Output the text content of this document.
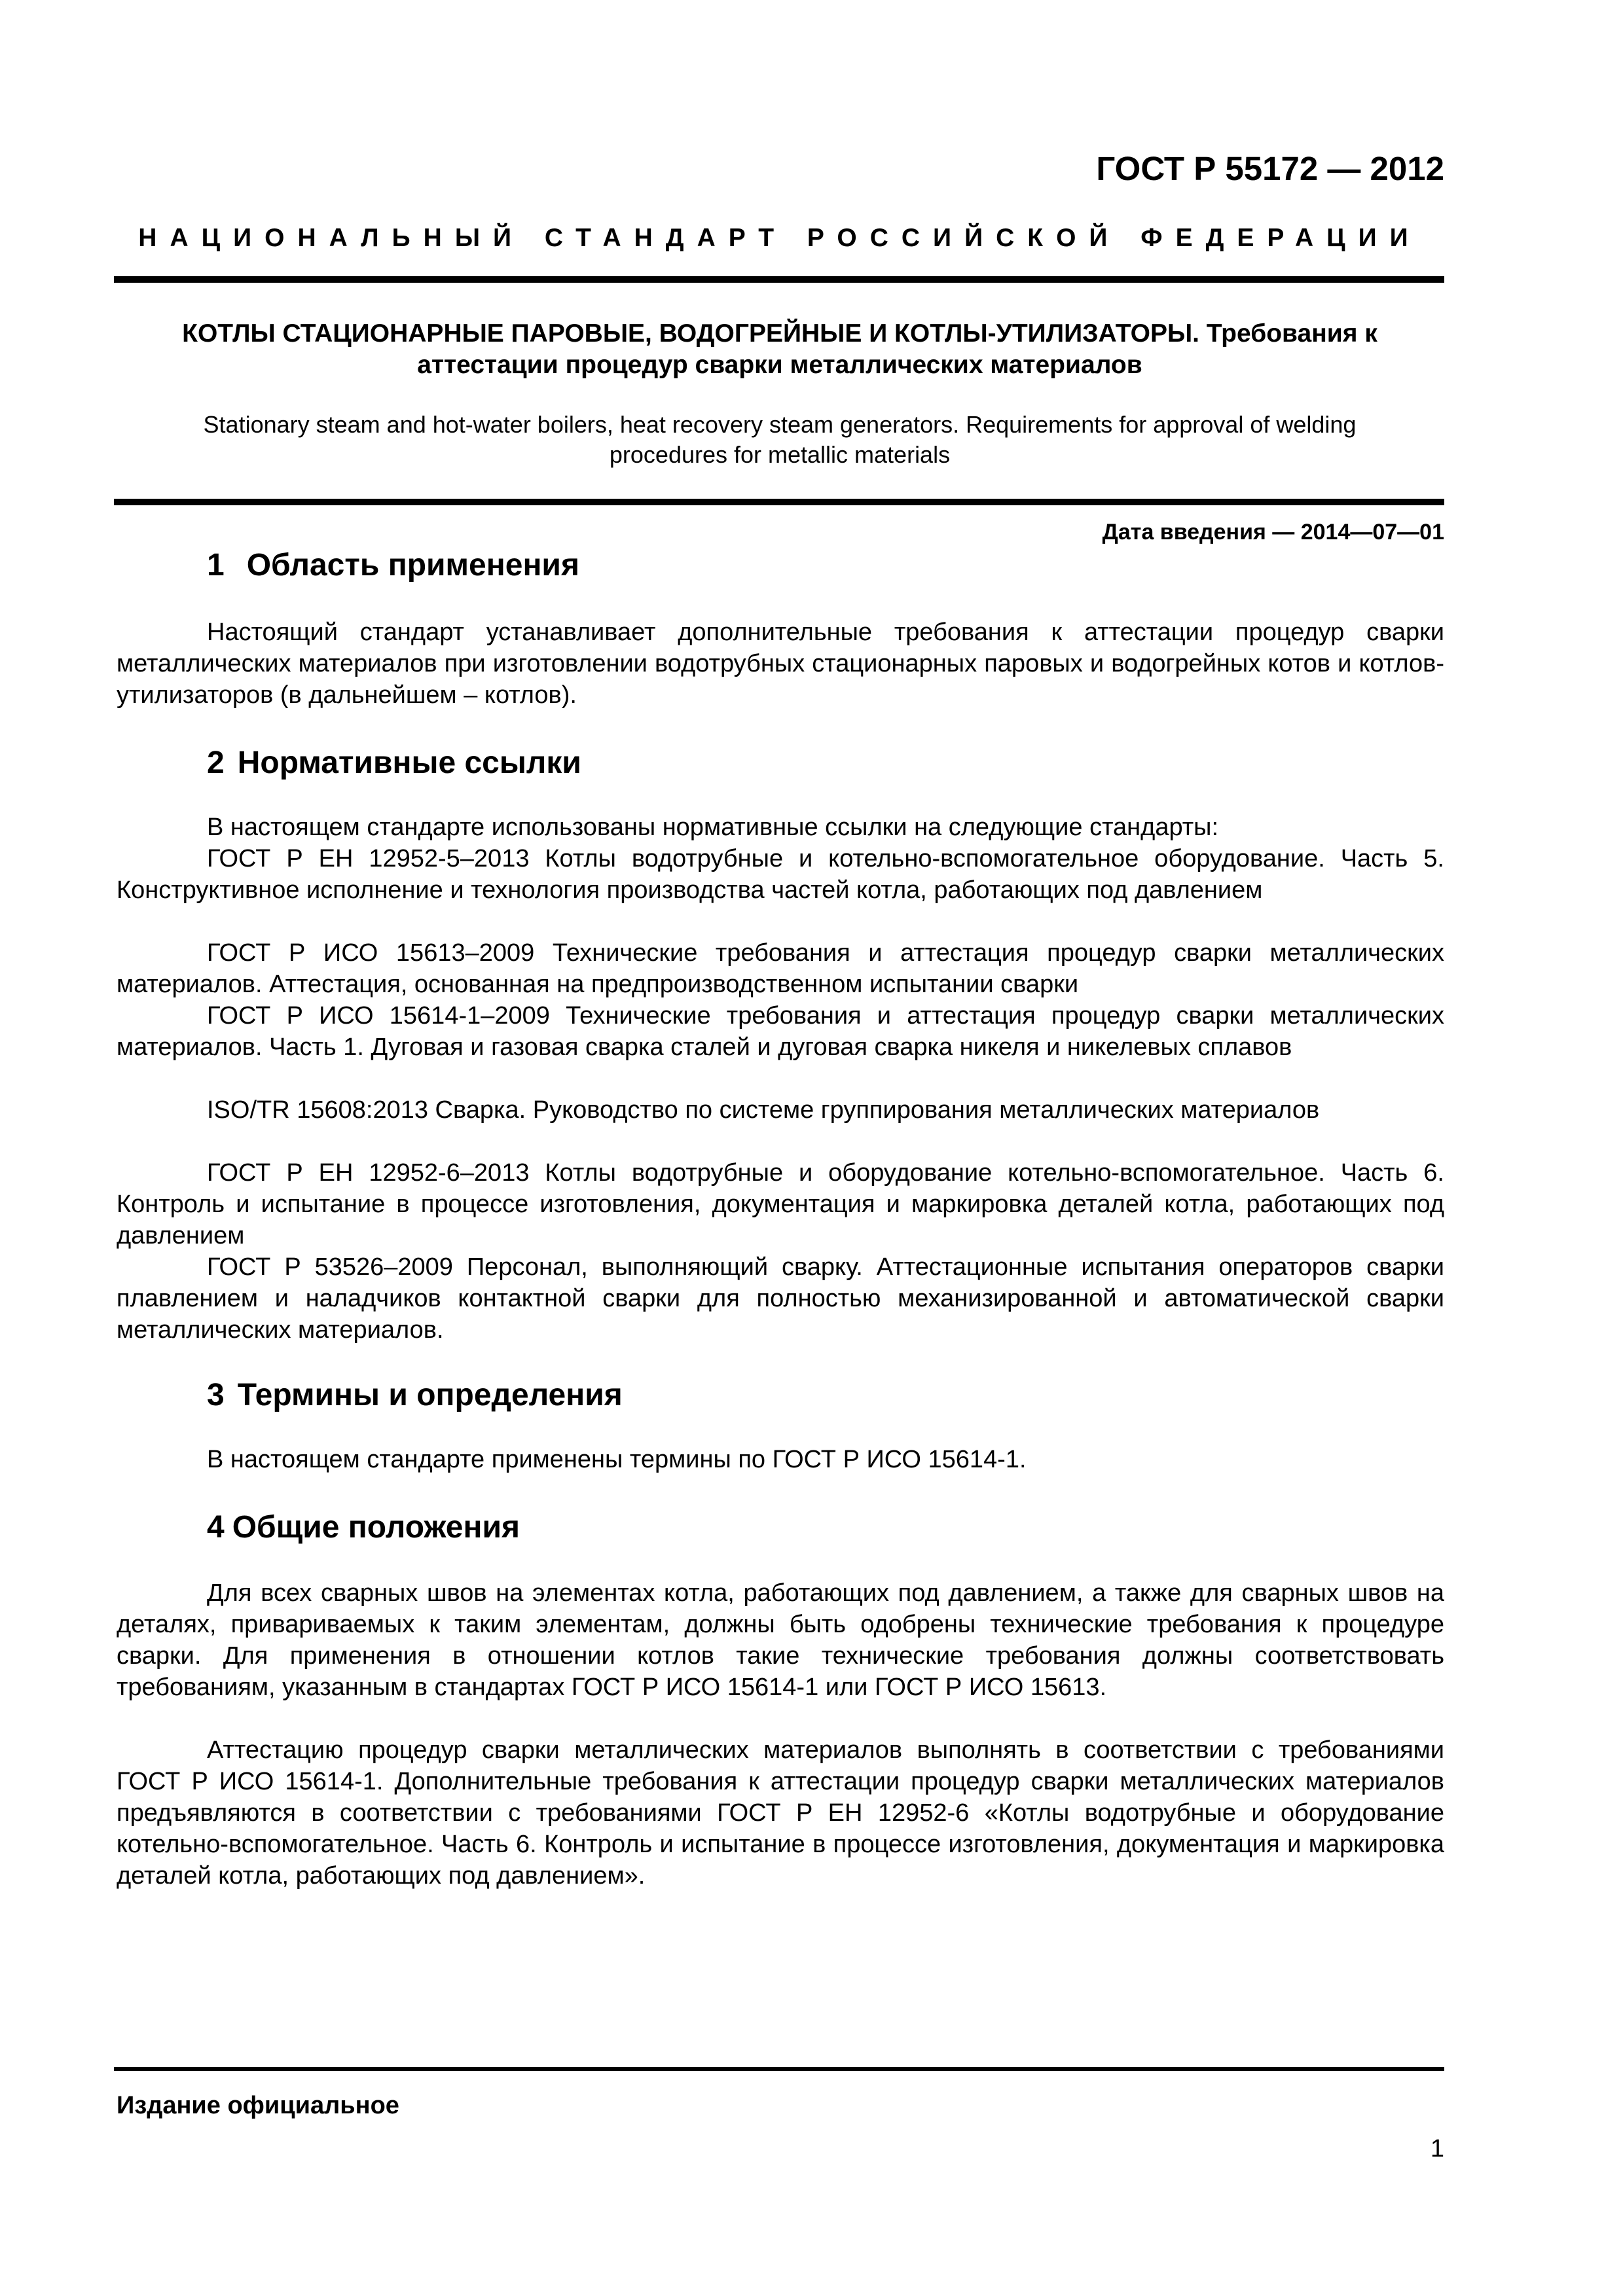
ГОСТ Р 55172 — 2012
НАЦИОНАЛЬНЫЙ СТАНДАРТ РОССИЙСКОЙ ФЕДЕРАЦИИ
КОТЛЫ СТАЦИОНАРНЫЕ ПАРОВЫЕ, ВОДОГРЕЙНЫЕ И КОТЛЫ-УТИЛИЗАТОРЫ. Требования к
аттестации процедур сварки металлических материалов
Stationary steam and hot-water boilers, heat recovery steam generators. Requirements for approval of welding
procedures for metallic materials
Дата введения — 2014—07—01
1 Область применения
Настоящий стандарт устанавливает дополнительные требования к аттестации процедур сварки металлических материалов при изготовлении водотрубных стационарных паровых и водогрейных котов и котлов-утилизаторов (в дальнейшем – котлов).
2 Нормативные ссылки
В настоящем стандарте использованы нормативные ссылки на следующие стандарты:
ГОСТ Р ЕН 12952-5–2013 Котлы водотрубные и котельно-вспомогательное оборудование. Часть 5. Конструктивное исполнение и технология производства частей котла, работающих под давлением
ГОСТ Р ИСО 15613–2009 Технические требования и аттестация процедур сварки металлических материалов. Аттестация, основанная на предпроизводственном испытании сварки
ГОСТ Р ИСО 15614-1–2009 Технические требования и аттестация процедур сварки металлических материалов. Часть 1. Дуговая и газовая сварка сталей и дуговая сварка никеля и никелевых сплавов
ISO/TR 15608:2013 Сварка. Руководство по системе группирования металлических материалов
ГОСТ Р ЕН 12952-6–2013 Котлы водотрубные и оборудование котельно-вспомогательное. Часть 6. Контроль и испытание в процессе изготовления, документация и маркировка деталей котла, работающих под давлением
ГОСТ Р 53526–2009 Персонал, выполняющий сварку. Аттестационные испытания операторов сварки плавлением и наладчиков контактной сварки для полностью механизированной и автоматической сварки металлических материалов.
3 Термины и определения
В настоящем стандарте применены термины по ГОСТ Р ИСО 15614-1.
4 Общие положения
Для всех сварных швов на элементах котла, работающих под давлением, а также для сварных швов на деталях, привариваемых к таким элементам, должны быть одобрены технические требования к процедуре сварки. Для применения в отношении котлов такие технические требования должны соответствовать требованиям, указанным в стандартах ГОСТ Р ИСО 15614-1 или ГОСТ Р ИСО 15613.
Аттестацию процедур сварки металлических материалов выполнять в соответствии с требованиями ГОСТ Р ИСО 15614-1. Дополнительные требования к аттестации процедур сварки металлических материалов предъявляются в соответствии с требованиями ГОСТ Р ЕН 12952-6 «Котлы водотрубные и оборудование котельно-вспомогательное. Часть 6. Контроль и испытание в процессе изготовления, документация и маркировка деталей котла, работающих под давлением».
Издание официальное
1
